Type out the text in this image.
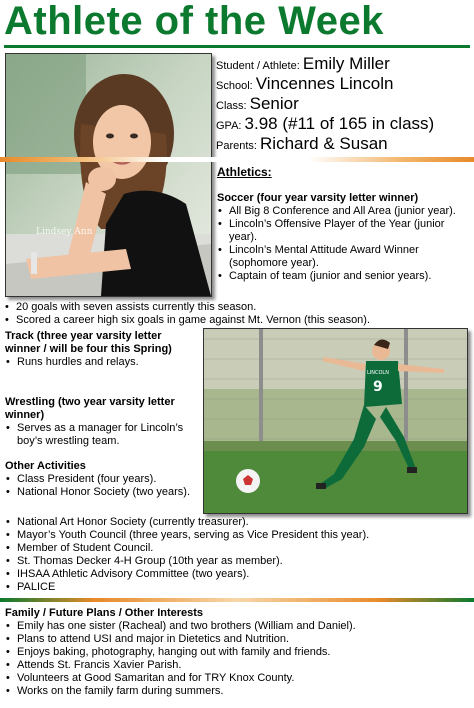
Athlete of the Week
Lindsey Ann
Student / Athlete: Emily Miller
School: Vincennes Lincoln
Class: Senior
GPA: 3.98 (#11 of 165 in class)
Parents: Richard & Susan
Athletics:
Soccer (four year varsity letter winner)
• All Big 8 Conference and All Area (junior year).
• Lincoln’s Offensive Player of the Year (junior year).
• Lincoln’s Mental Attitude Award Winner (sophomore year).
• Captain of team (junior and senior years).
• 20 goals with seven assists currently this season.
• Scored a career high six goals in game against Mt. Vernon (this season).
9
LINCOLN
Track (three year varsity letter winner / will be four this Spring)
• Runs hurdles and relays.
Wrestling (two year varsity letter winner)
• Serves as a manager for Lincoln’s boy’s wrestling team.
Other Activities
• Class President (four years).
• National Honor Society (two years).
• National Art Honor Society (currently treasurer).
• Mayor’s Youth Council (three years, serving as Vice President this year).
• Member of Student Council.
• St. Thomas Decker 4-H Group (10th year as member).
• IHSAA Athletic Advisory Committee (two years).
• PALICE
Family / Future Plans / Other Interests
• Emily has one sister (Racheal) and two brothers (William and Daniel).
• Plans to attend USI and major in Dietetics and Nutrition.
• Enjoys baking, photography, hanging out with family and friends.
• Attends St. Francis Xavier Parish.
• Volunteers at Good Samaritan and for TRY Knox County.
• Works on the family farm during summers.
